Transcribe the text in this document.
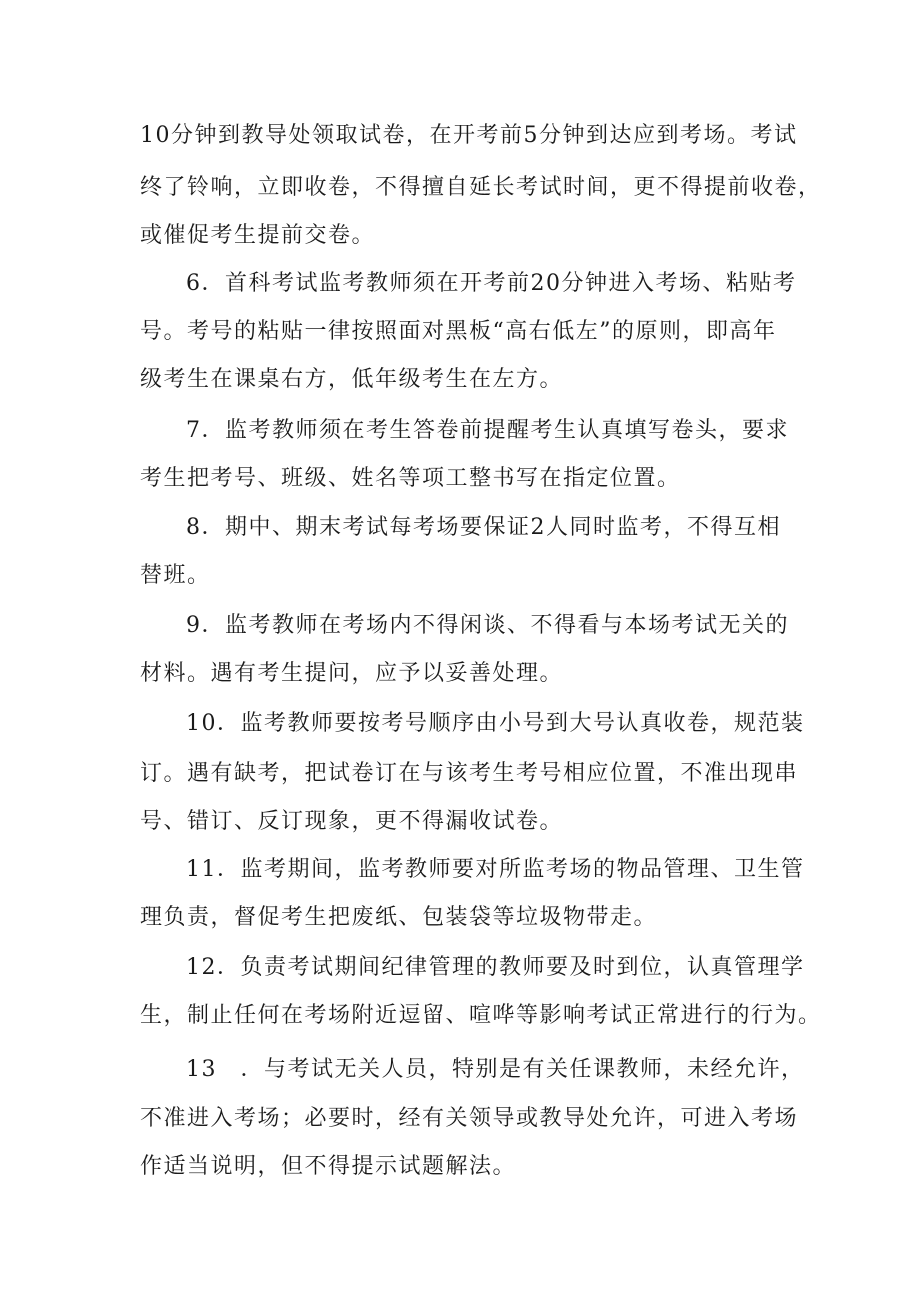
10分钟到教导处领取试卷，在开考前5分钟到达应到考场。考试
终了铃响，立即收卷，不得擅自延长考试时间，更不得提前收卷，
或催促考生提前交卷。
6．首科考试监考教师须在开考前20分钟进入考场、粘贴考
号。考号的粘贴一律按照面对黑板“高右低左”的原则，即高年
级考生在课桌右方，低年级考生在左方。
7．监考教师须在考生答卷前提醒考生认真填写卷头，要求
考生把考号、班级、姓名等项工整书写在指定位置。
8．期中、期末考试每考场要保证2人同时监考，不得互相
替班。
9．监考教师在考场内不得闲谈、不得看与本场考试无关的
材料。遇有考生提问，应予以妥善处理。
10．监考教师要按考号顺序由小号到大号认真收卷，规范装
订。遇有缺考，把试卷订在与该考生考号相应位置，不准出现串
号、错订、反订现象，更不得漏收试卷。
11．监考期间，监考教师要对所监考场的物品管理、卫生管
理负责，督促考生把废纸、包装袋等垃圾物带走。
12．负责考试期间纪律管理的教师要及时到位，认真管理学
生，制止任何在考场附近逗留、喧哗等影响考试正常进行的行为。
13　．与考试无关人员，特别是有关任课教师，未经允许，
不准进入考场；必要时，经有关领导或教导处允许，可进入考场
作适当说明，但不得提示试题解法。
